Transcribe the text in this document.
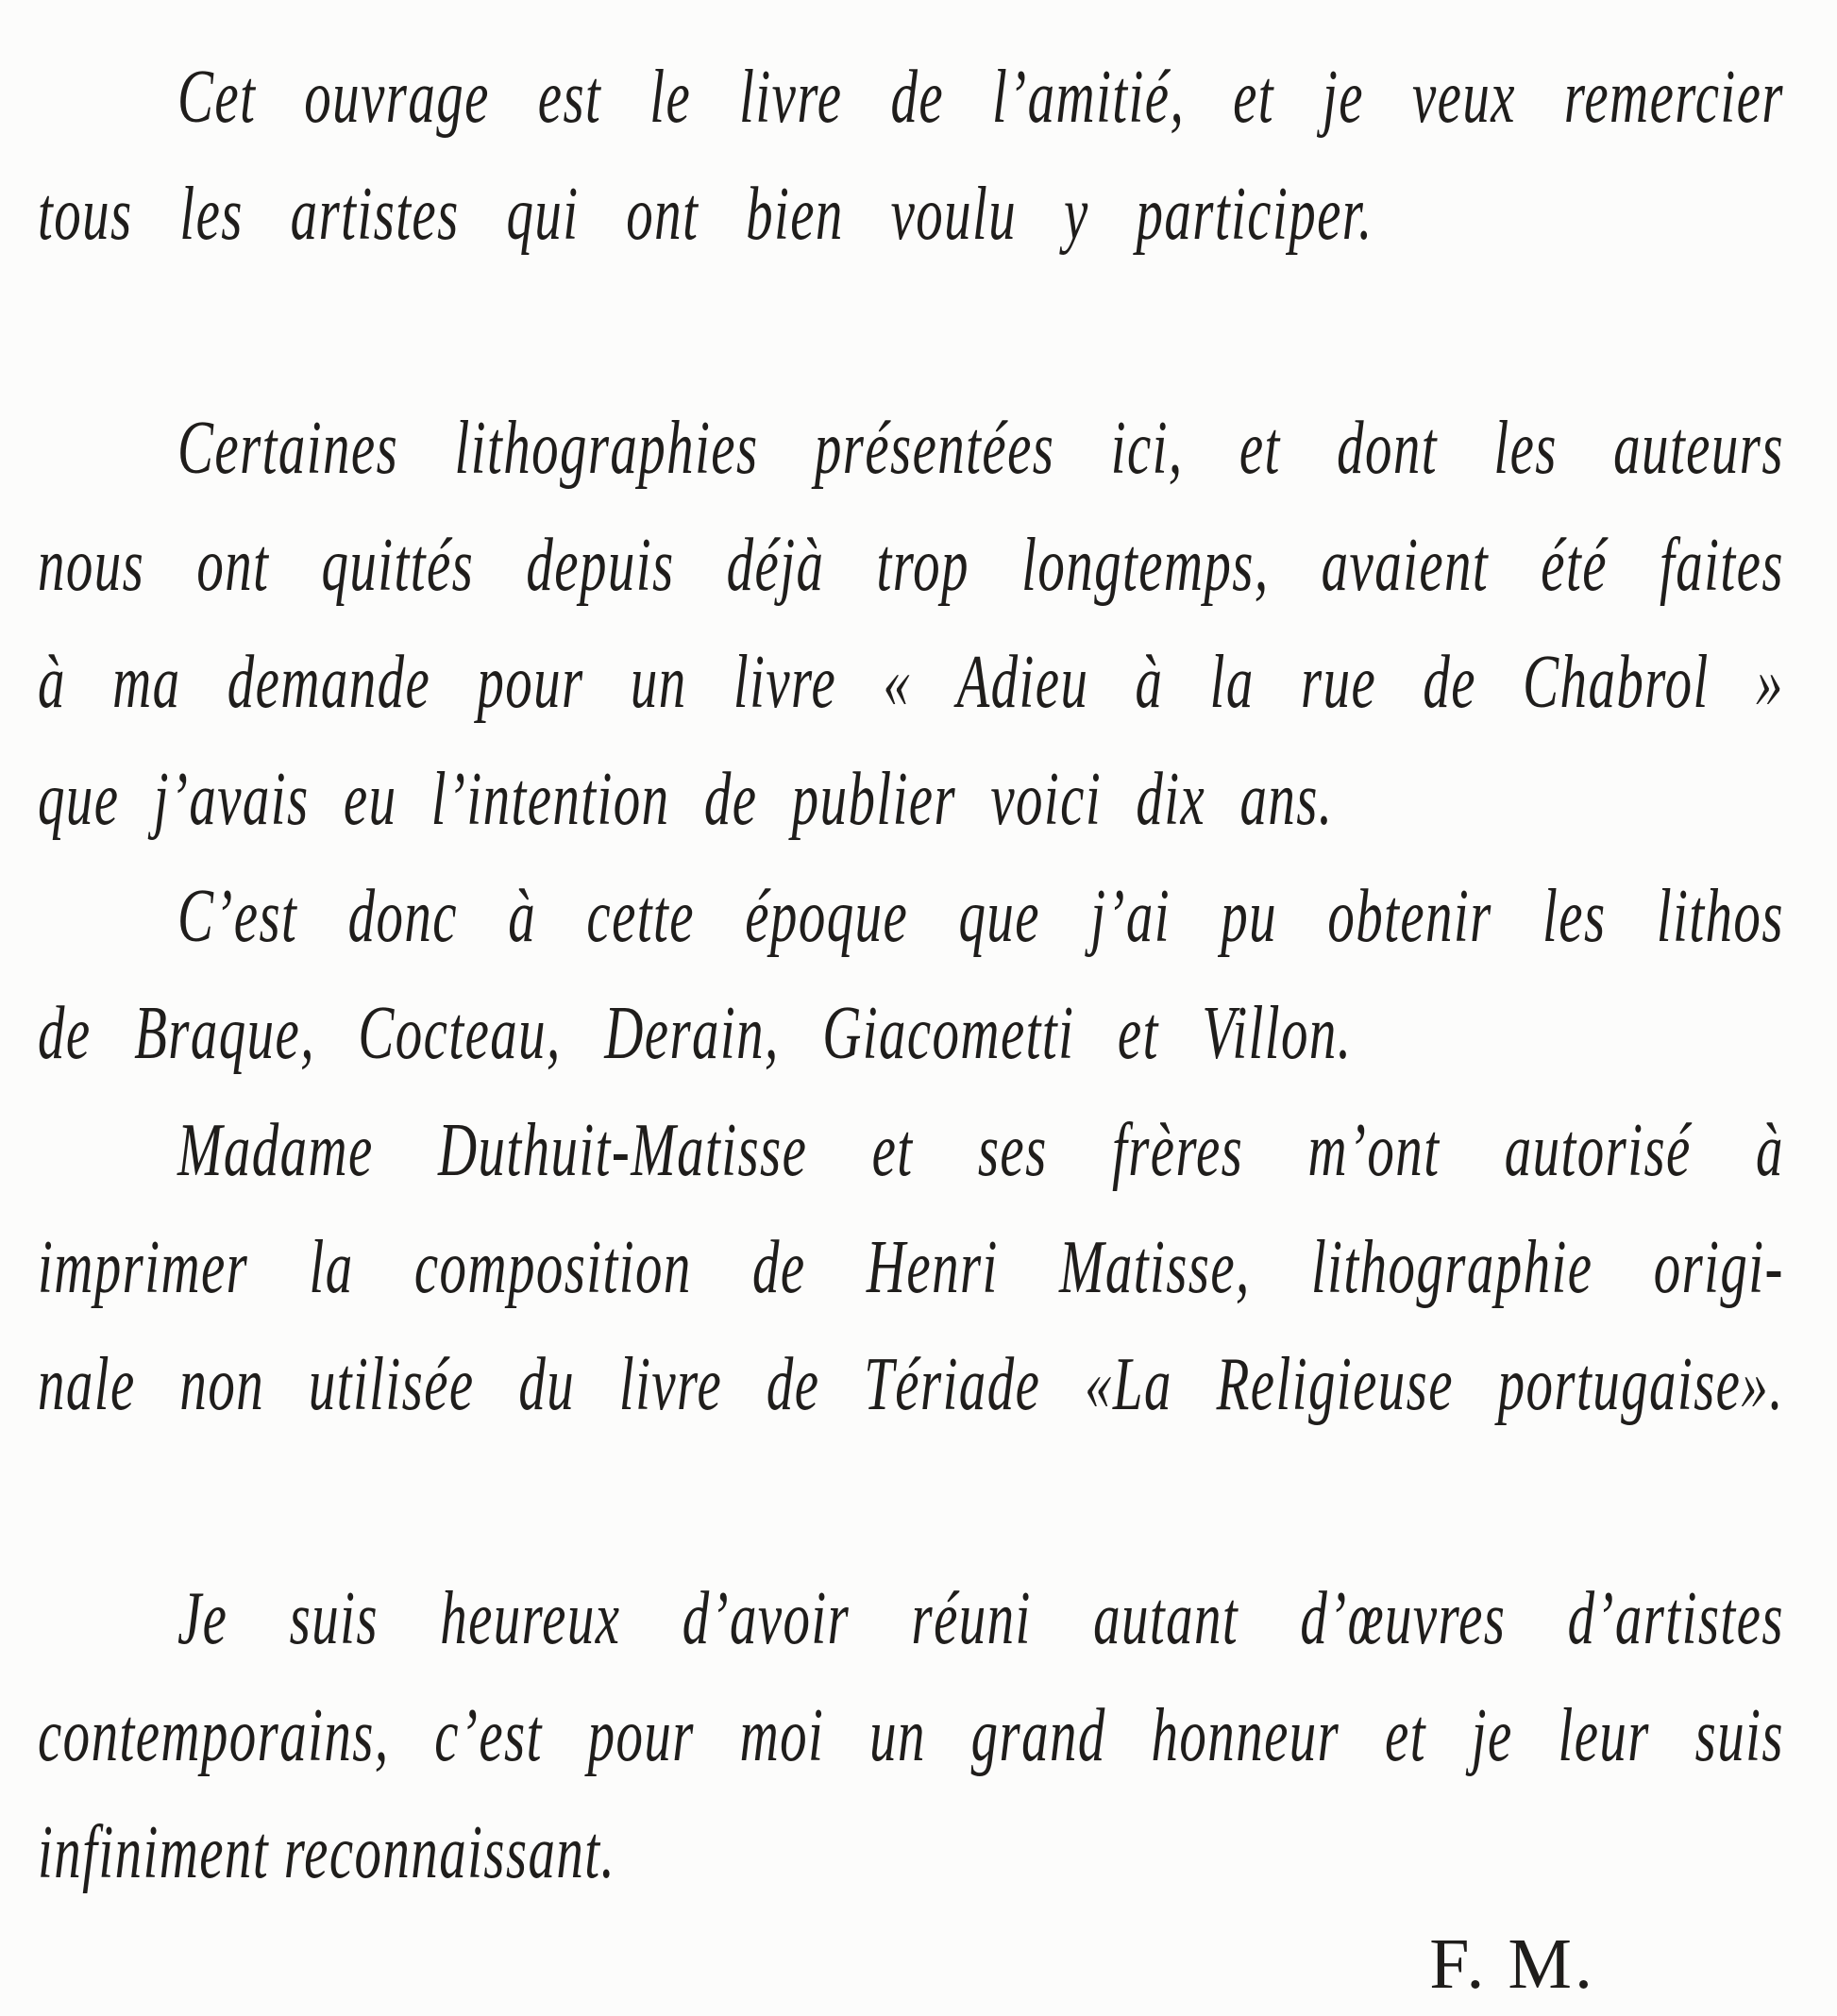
Cet ouvrage est le livre de l’amitié, et je veux remercier
tous les artistes qui ont bien voulu y participer.
Certaines lithographies présentées ici, et dont les auteurs
nous ont quittés depuis déjà trop longtemps, avaient été faites
à ma demande pour un livre « Adieu à la rue de Chabrol »
que j’avais eu l’intention de publier voici dix ans.
C’est donc à cette époque que j’ai pu obtenir les lithos
de Braque, Cocteau, Derain, Giacometti et Villon.
Madame Duthuit-Matisse et ses frères m’ont autorisé à
imprimer la composition de Henri Matisse, lithographie origi-
nale non utilisée du livre de Tériade «La Religieuse portugaise».
Je suis heureux d’avoir réuni autant d’œuvres d’artistes
contemporains, c’est pour moi un grand honneur et je leur suis
infiniment reconnaissant.
F. M.
